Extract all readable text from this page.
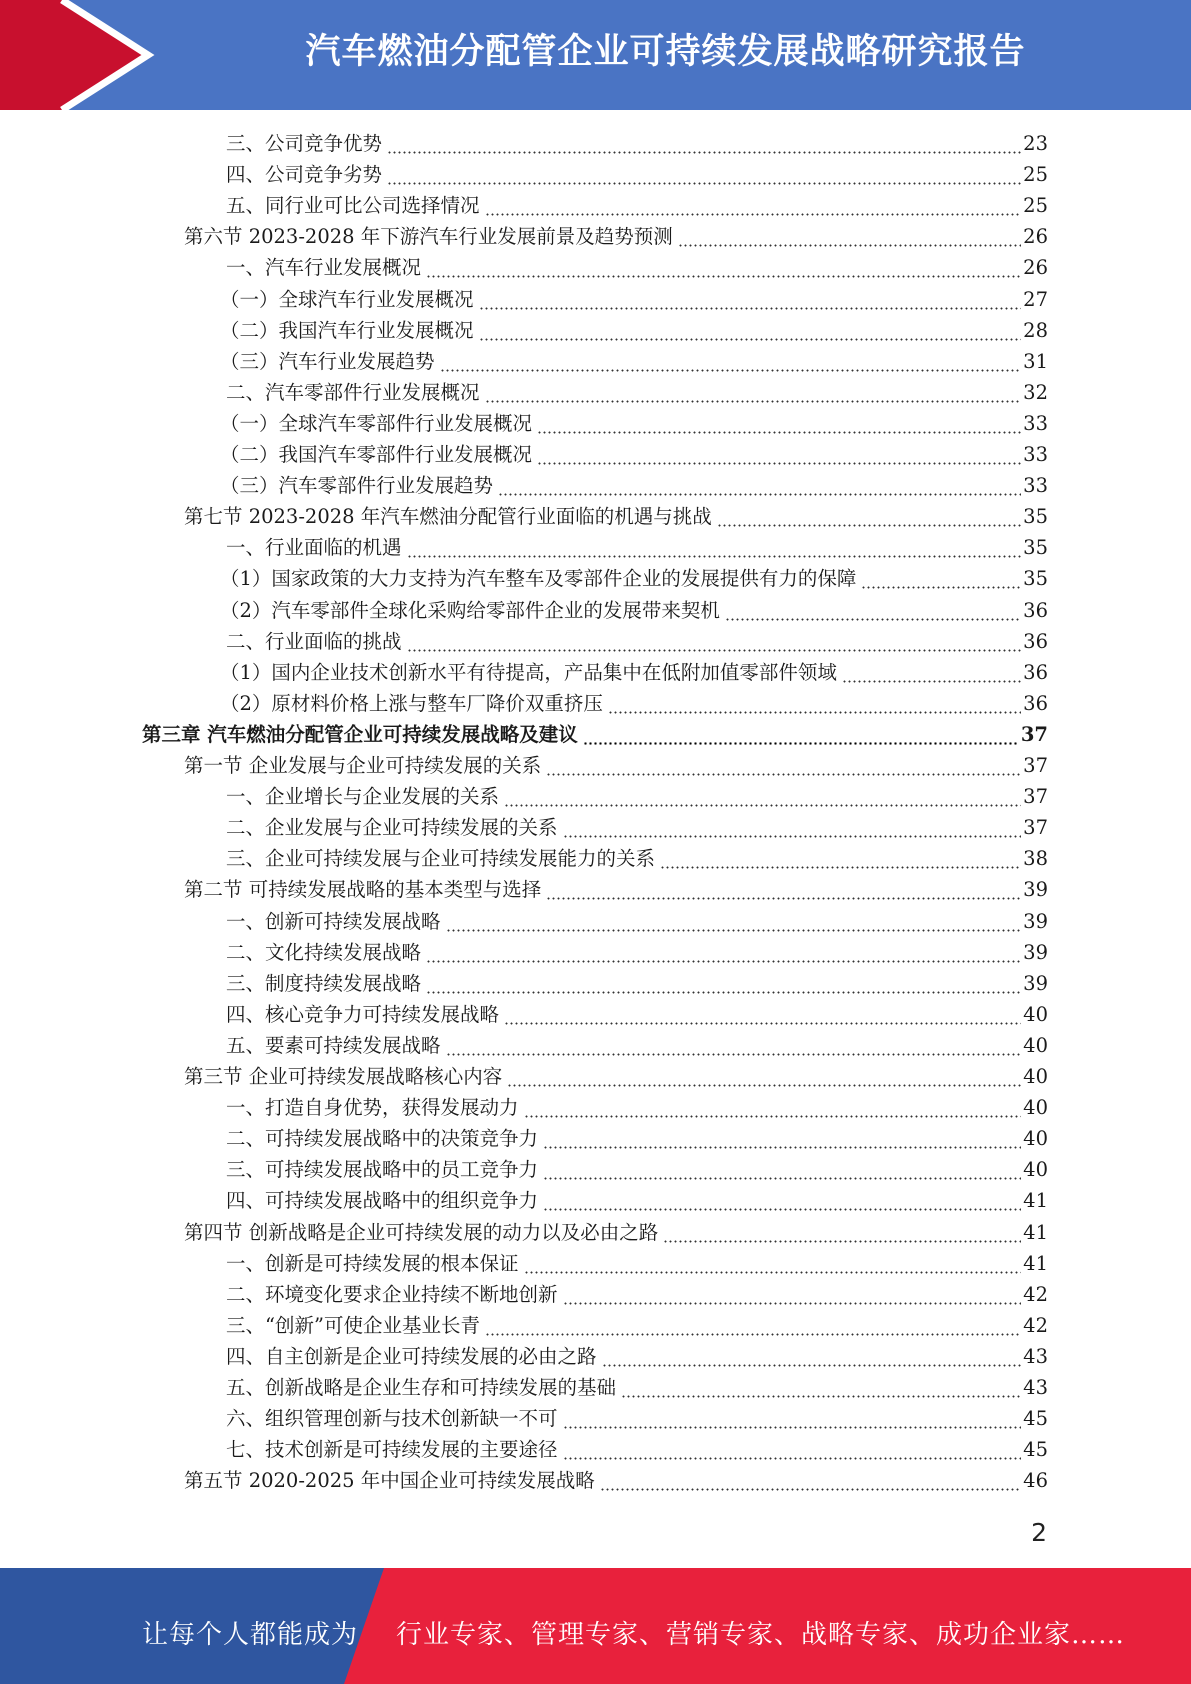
汽车燃油分配管企业可持续发展战略研究报告
三、公司竞争优势	23
四、公司竞争劣势	25
五、同行业可比公司选择情况	25
第六节 2023-2028 年下游汽车行业发展前景及趋势预测	26
一、汽车行业发展概况	26
（一）全球汽车行业发展概况	27
（二）我国汽车行业发展概况	28
（三）汽车行业发展趋势	31
二、汽车零部件行业发展概况	32
（一）全球汽车零部件行业发展概况	33
（二）我国汽车零部件行业发展概况	33
（三）汽车零部件行业发展趋势	33
第七节 2023-2028 年汽车燃油分配管行业面临的机遇与挑战	35
一、行业面临的机遇	35
（1）国家政策的大力支持为汽车整车及零部件企业的发展提供有力的保障	35
（2）汽车零部件全球化采购给零部件企业的发展带来契机	36
二、行业面临的挑战	36
（1）国内企业技术创新水平有待提高，产品集中在低附加值零部件领域	36
（2）原材料价格上涨与整车厂降价双重挤压	36
第三章 汽车燃油分配管企业可持续发展战略及建议	37
第一节 企业发展与企业可持续发展的关系	37
一、企业增长与企业发展的关系	37
二、企业发展与企业可持续发展的关系	37
三、企业可持续发展与企业可持续发展能力的关系	38
第二节 可持续发展战略的基本类型与选择	39
一、创新可持续发展战略	39
二、文化持续发展战略	39
三、制度持续发展战略	39
四、核心竞争力可持续发展战略	40
五、要素可持续发展战略	40
第三节 企业可持续发展战略核心内容	40
一、打造自身优势，获得发展动力	40
二、可持续发展战略中的决策竞争力	40
三、可持续发展战略中的员工竞争力	40
四、可持续发展战略中的组织竞争力	41
第四节 创新战略是企业可持续发展的动力以及必由之路	41
一、创新是可持续发展的根本保证	41
二、环境变化要求企业持续不断地创新	42
三、“创新”可使企业基业长青	42
四、自主创新是企业可持续发展的必由之路	43
五、创新战略是企业生存和可持续发展的基础	43
六、组织管理创新与技术创新缺一不可	45
七、技术创新是可持续发展的主要途径	45
第五节 2020-2025 年中国企业可持续发展战略	46
2
让每个人都能成为 行业专家、管理专家、营销专家、战略专家、成功企业家……
